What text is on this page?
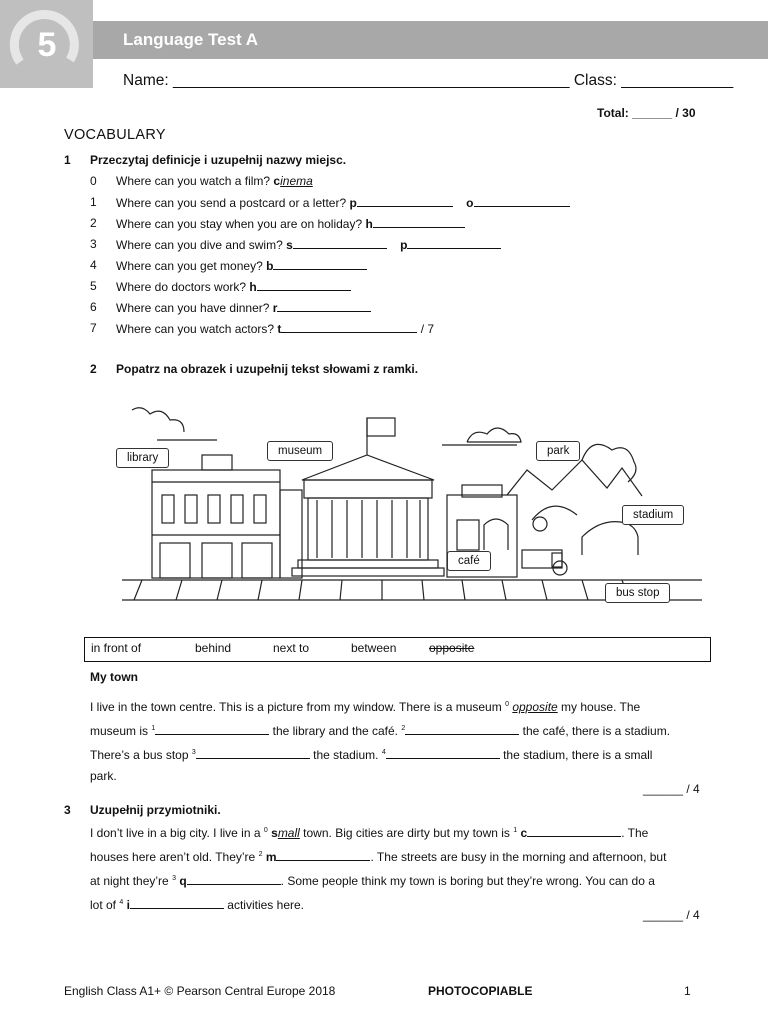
5	Language Test A
Name: ______________________________________________ Class: _____________
Total: ______ / 30
VOCABULARY
1 Przeczytaj definicje i uzupełnij nazwy miejsc.
0 Where can you watch a film? cinema
1 Where can you send a postcard or a letter? p	o
2 Where can you stay when you are on holiday? h
3 Where can you dive and swim? s	p
4 Where can you get money? b
5 Where do doctors work? h
6 Where can you have dinner? r
7 Where can you watch actors? t	/ 7
2 Popatrz na obrazek i uzupełnij tekst słowami z ramki.
library
museum	park
stadium
café
bus stop
in front of	behind	next to	between	opposite
My town
I live in the town centre. This is a picture from my window. There is a museum $^0$ opposite my house. The
museum is $^1$	the library and the café. $^2$	the café, there is a stadium.
There’s a bus stop $^3$	the stadium. $^4$	the stadium, there is a small
park.
______ / 4
3 Uzupełnij przymiotniki.
I don’t live in a big city. I live in a $^0$ small town. Big cities are dirty but my town is $^1$ c	. The
houses here aren’t old. They’re $^2$ m	. The streets are busy in the morning and afternoon, but
at night they’re $^3$ q	. Some people think my town is boring but they’re wrong. You can do a
lot of $^4$ i	activities here.
______ / 4
English Class A1+ © Pearson Central Europe 2018	PHOTOCOPIABLE	1
